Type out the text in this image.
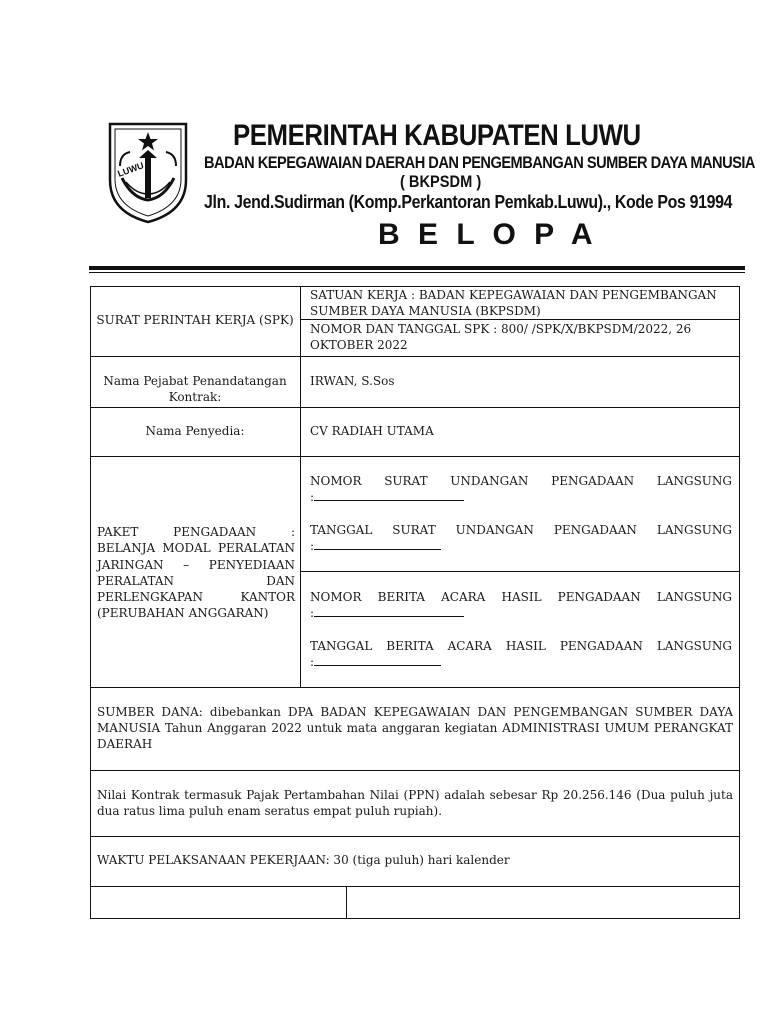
LUWU
PEMERINTAH KABUPATEN LUWU
BADAN KEPEGAWAIAN DAERAH DAN PENGEMBANGAN SUMBER DAYA MANUSIA
( BKPSDM )
Jln. Jend.Sudirman (Komp.Perkantoran Pemkab.Luwu)., Kode Pos 91994
B E L O P A
SURAT PERINTAH KERJA (SPK)
SATUAN KERJA : BADAN KEPEGAWAIAN DAN PENGEMBANGAN SUMBER DAYA MANUSIA (BKPSDM)
NOMOR DAN TANGGAL SPK : 800/ /SPK/X/BKPSDM/2022, 26 OKTOBER 2022
Nama Pejabat Penandatangan Kontrak:
IRWAN, S.Sos
Nama Penyedia:	CV RADIAH UTAMA
PAKET PENGADAAN : BELANJA MODAL PERALATAN JARINGAN – PENYEDIAAN PERALATAN DAN PERLENGKAPAN KANTOR (PERUBAHAN ANGGARAN)
NOMOR SURAT UNDANGAN PENGADAAN LANGSUNG
:
TANGGAL SURAT UNDANGAN PENGADAAN LANGSUNG
:
NOMOR BERITA ACARA HASIL PENGADAAN LANGSUNG
:
TANGGAL BERITA ACARA HASIL PENGADAAN LANGSUNG
:
SUMBER DANA: dibebankan DPA BADAN KEPEGAWAIAN DAN PENGEMBANGAN SUMBER DAYA MANUSIA Tahun Anggaran 2022 untuk mata anggaran kegiatan ADMINISTRASI UMUM PERANGKAT DAERAH
Nilai Kontrak termasuk Pajak Pertambahan Nilai (PPN) adalah sebesar Rp 20.256.146 (Dua puluh juta dua ratus lima puluh enam seratus empat puluh rupiah).
WAKTU PELAKSANAAN PEKERJAAN: 30 (tiga puluh) hari kalender
